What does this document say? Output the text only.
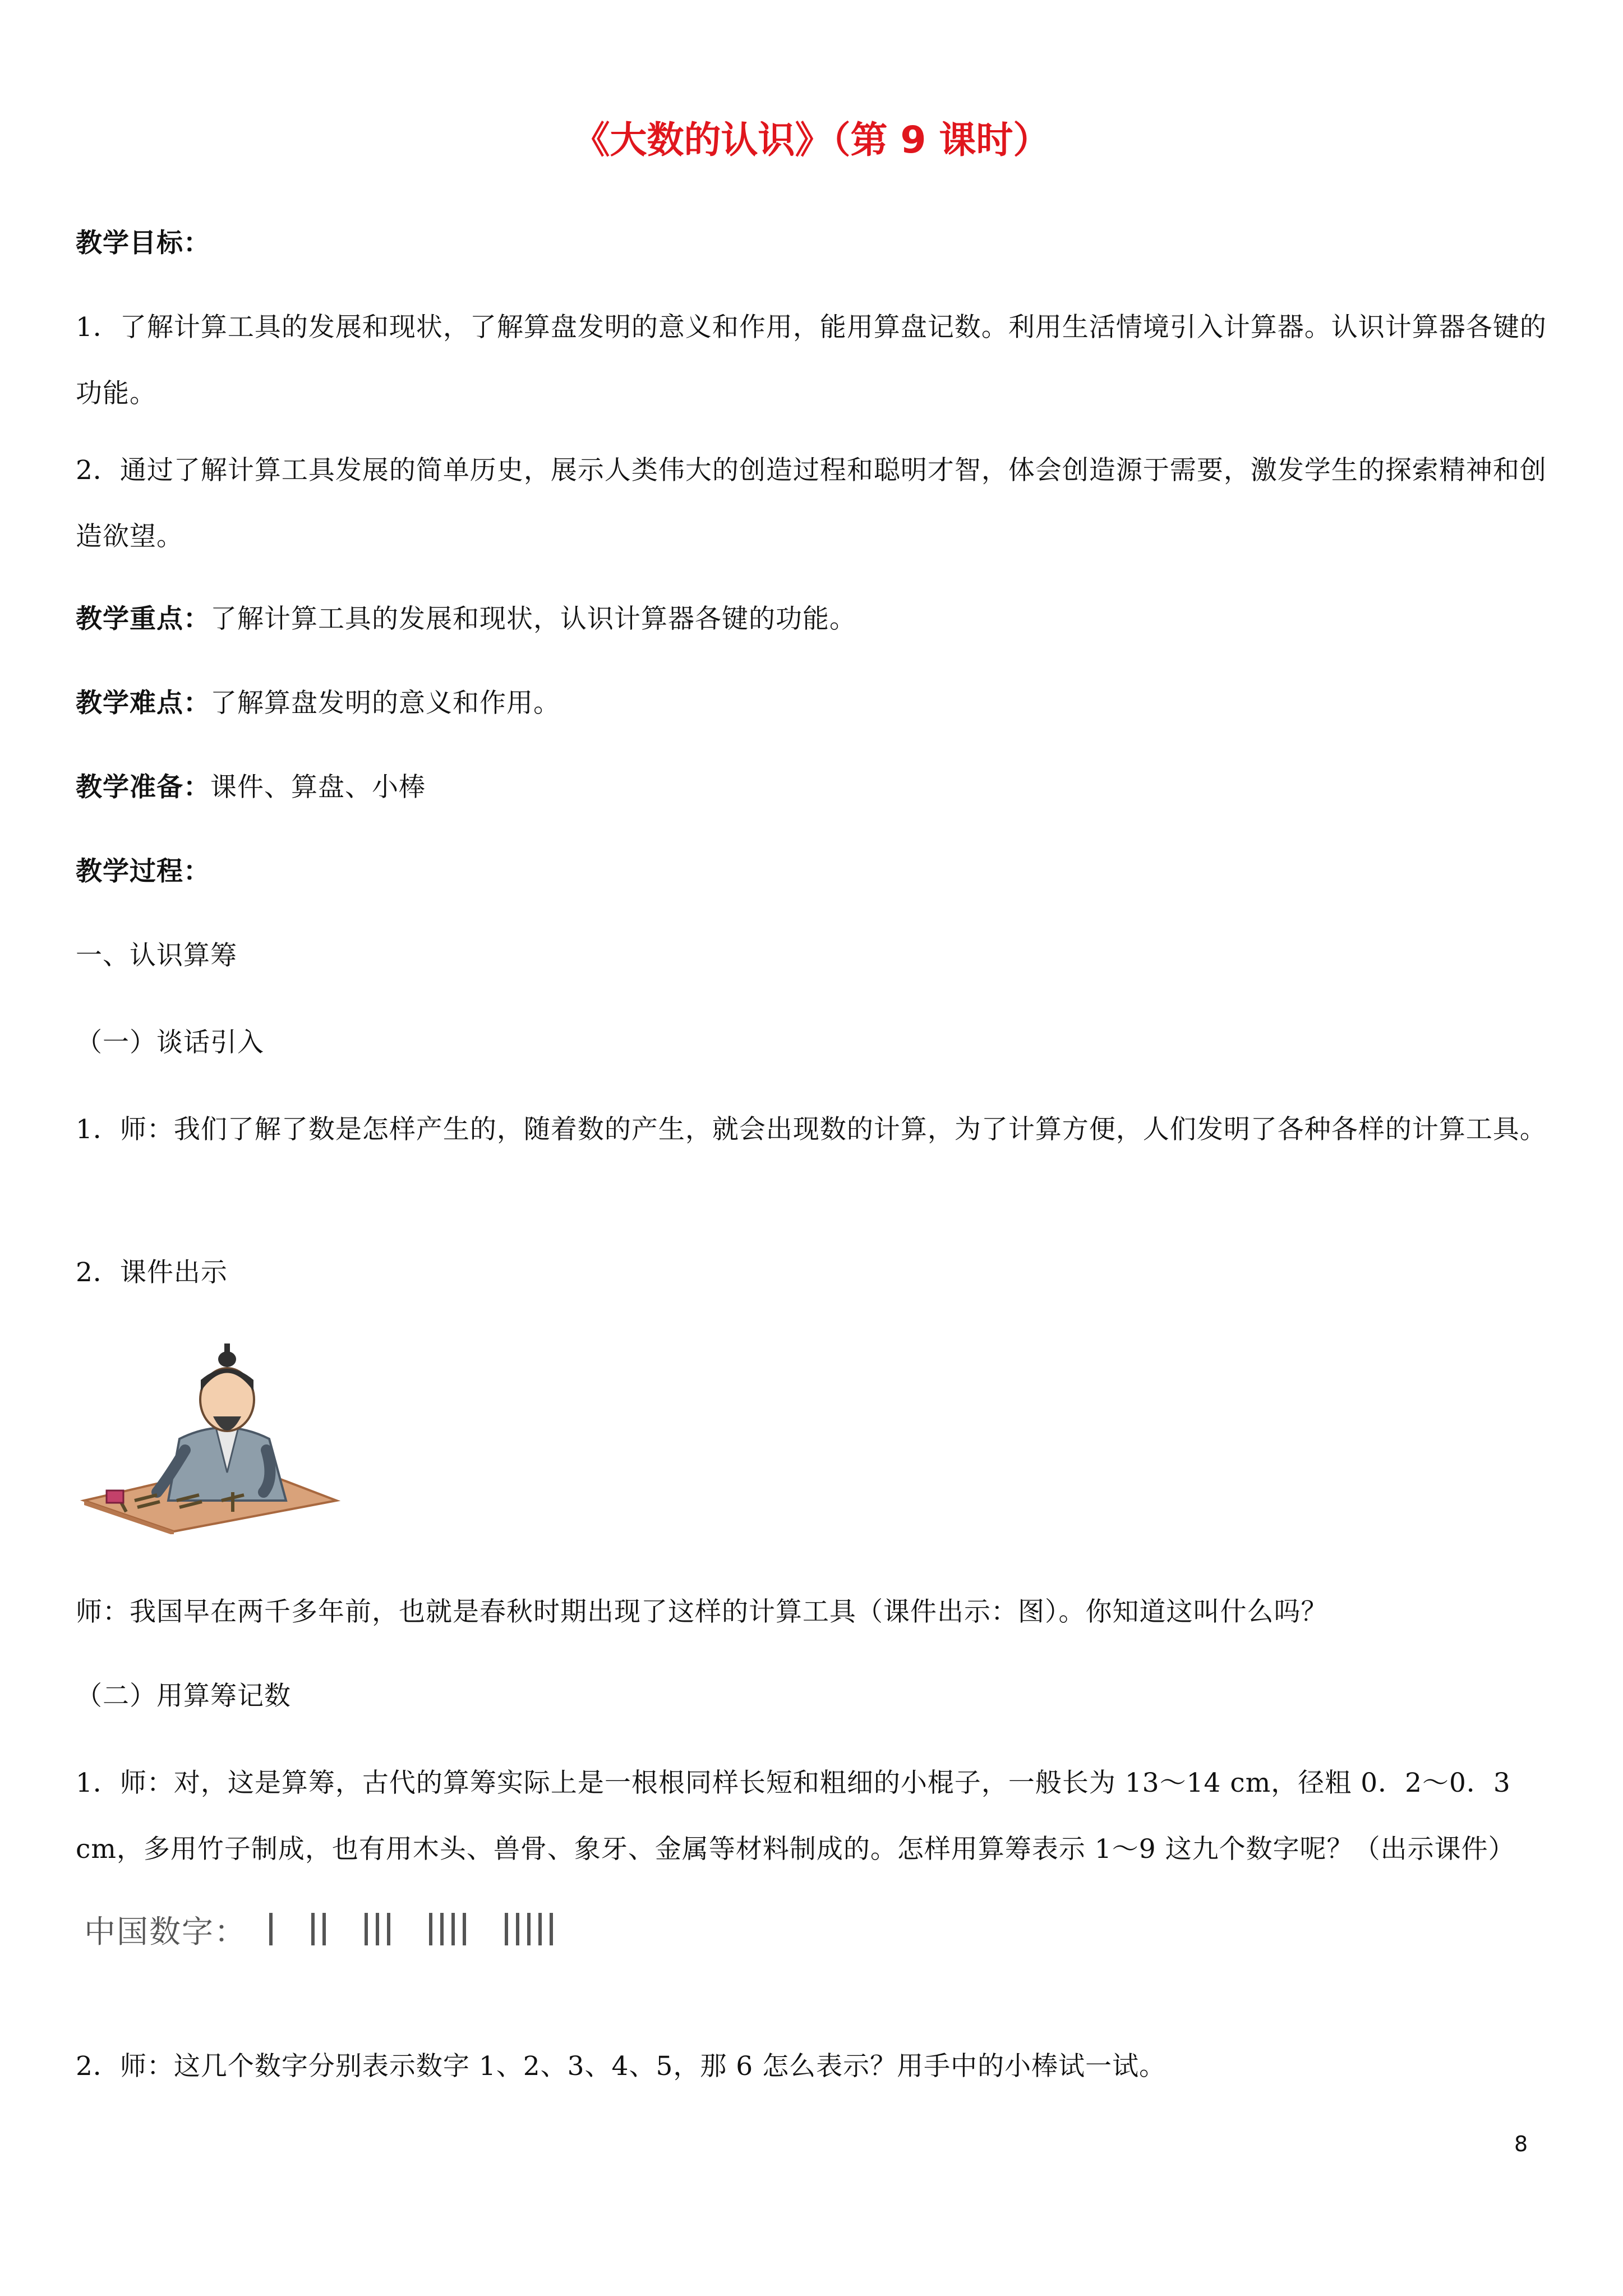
《大数的认识》（第 9 课时）

教学目标：

1．了解计算工具的发展和现状，了解算盘发明的意义和作用，能用算盘记数。利用生活情境引入计算器。认识计算器各键的功能。

2．通过了解计算工具发展的简单历史，展示人类伟大的创造过程和聪明才智，体会创造源于需要，激发学生的探索精神和创造欲望。

教学重点：了解计算工具的发展和现状，认识计算器各键的功能。

教学难点：了解算盘发明的意义和作用。

教学准备：课件、算盘、小棒

教学过程：

一、认识算筹

（一）谈话引入

1．师：我们了解了数是怎样产生的，随着数的产生，就会出现数的计算，为了计算方便，人们发明了各种各样的计算工具。

2．课件出示

师：我国早在两千多年前，也就是春秋时期出现了这样的计算工具（课件出示：图）。你知道这叫什么吗？

（二）用算筹记数

1．师：对，这是算筹，古代的算筹实际上是一根根同样长短和粗细的小棍子，一般长为 13～14 cm，径粗 0．2～0．3 cm，多用竹子制成，也有用木头、兽骨、象牙、金属等材料制成的。怎样用算筹表示 1～9 这九个数字呢？（出示课件）

中国数字：

2．师：这几个数字分别表示数字 1、2、3、4、5，那 6 怎么表示？用手中的小棒试一试。

8
